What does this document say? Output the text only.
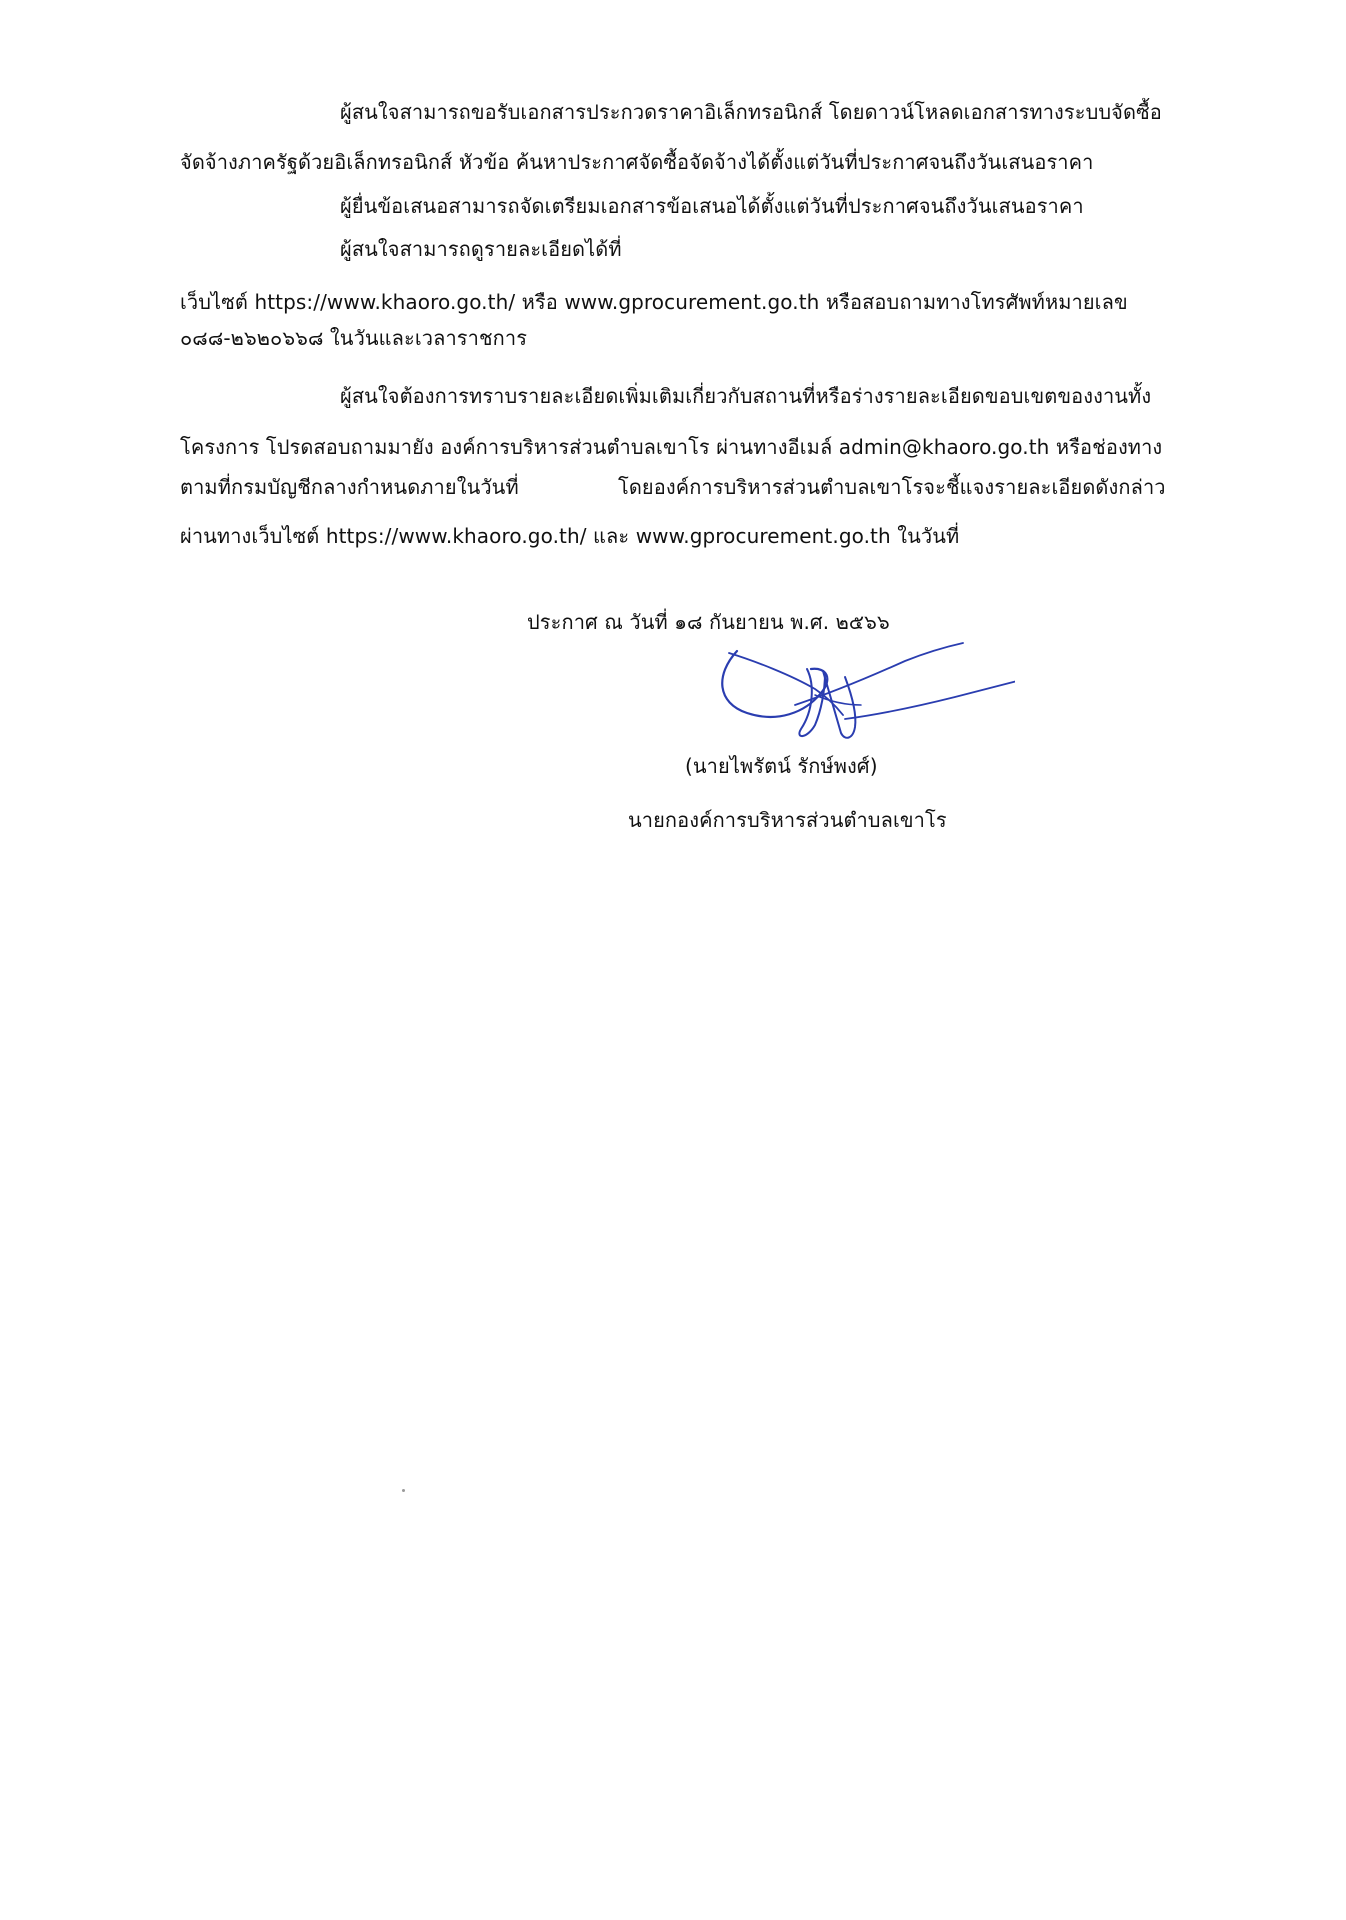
ผู้สนใจสามารถขอรับเอกสารประกวดราคาอิเล็กทรอนิกส์ โดยดาวน์โหลดเอกสารทางระบบจัดซื้อ
จัดจ้างภาครัฐด้วยอิเล็กทรอนิกส์ หัวข้อ ค้นหาประกาศจัดซื้อจัดจ้างได้ตั้งแต่วันที่ประกาศจนถึงวันเสนอราคา
ผู้ยื่นข้อเสนอสามารถจัดเตรียมเอกสารข้อเสนอได้ตั้งแต่วันที่ประกาศจนถึงวันเสนอราคา
ผู้สนใจสามารถดูรายละเอียดได้ที่
เว็บไซต์ https://www.khaoro.go.th/ หรือ www.gprocurement.go.th หรือสอบถามทางโทรศัพท์หมายเลข
๐๘๘-๒๖๒๐๖๖๘ ในวันและเวลาราชการ
ผู้สนใจต้องการทราบรายละเอียดเพิ่มเติมเกี่ยวกับสถานที่หรือร่างรายละเอียดขอบเขตของงานทั้ง
โครงการ โปรดสอบถามมายัง องค์การบริหารส่วนตำบลเขาโร ผ่านทางอีเมล์ admin@khaoro.go.th หรือช่องทาง
ตามที่กรมบัญชีกลางกำหนดภายในวันที่	โดยองค์การบริหารส่วนตำบลเขาโรจะชี้แจงรายละเอียดดังกล่าว
ผ่านทางเว็บไซต์ https://www.khaoro.go.th/ และ www.gprocurement.go.th ในวันที่
ประกาศ ณ วันที่ ๑๘ กันยายน พ.ศ. ๒๕๖๖
(นายไพรัตน์ รักษ์พงศ์)
นายกองค์การบริหารส่วนตำบลเขาโร
